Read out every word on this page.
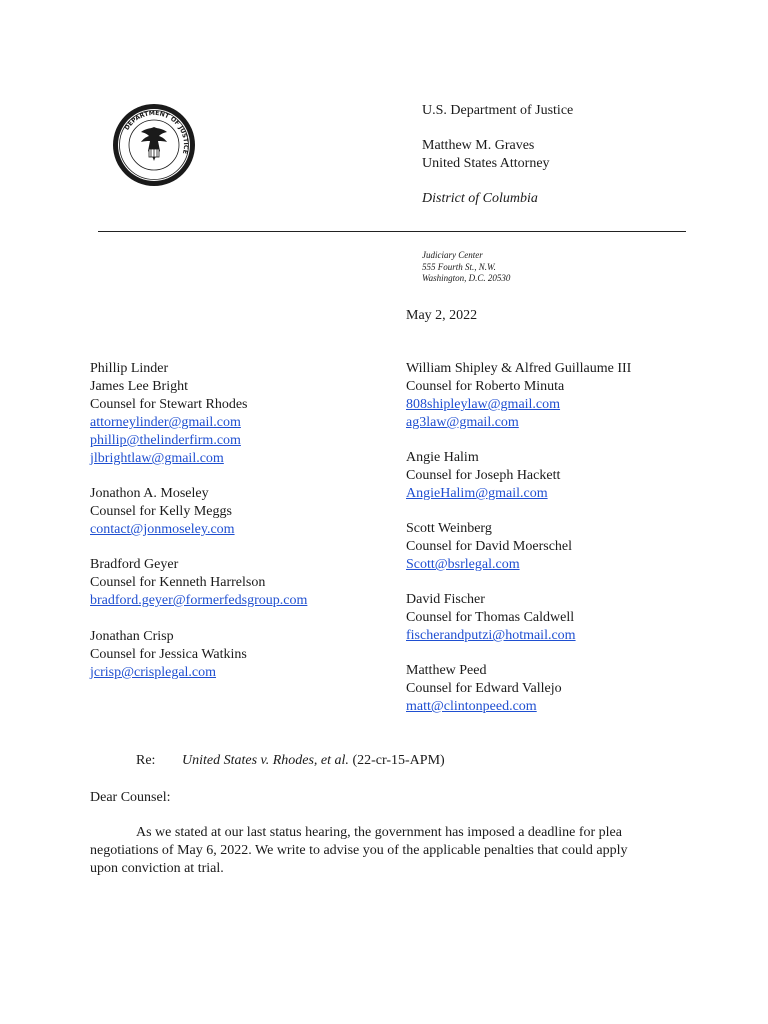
DEPARTMENT OF JUSTICE
U.S. Department of Justice
Matthew M. Graves
United States Attorney
District of Columbia
Judiciary Center
555 Fourth St., N.W.
Washington, D.C. 20530
May 2, 2022
Phillip Linder
James Lee Bright
Counsel for Stewart Rhodes
attorneylinder@gmail.com
phillip@thelinderfirm.com
jlbrightlaw@gmail.com
Jonathon A. Moseley
Counsel for Kelly Meggs
contact@jonmoseley.com
Bradford Geyer
Counsel for Kenneth Harrelson
bradford.geyer@formerfedsgroup.com
Jonathan Crisp
Counsel for Jessica Watkins
jcrisp@crisplegal.com
William Shipley & Alfred Guillaume III
Counsel for Roberto Minuta
808shipleylaw@gmail.com
ag3law@gmail.com
Angie Halim
Counsel for Joseph Hackett
AngieHalim@gmail.com
Scott Weinberg
Counsel for David Moerschel
Scott@bsrlegal.com
David Fischer
Counsel for Thomas Caldwell
fischerandputzi@hotmail.com
Matthew Peed
Counsel for Edward Vallejo
matt@clintonpeed.com
Re: United States v. Rhodes, et al. (22-cr-15-APM)
Dear Counsel:
As we stated at our last status hearing, the government has imposed a deadline for plea
negotiations of May 6, 2022. We write to advise you of the applicable penalties that could apply
upon conviction at trial.
